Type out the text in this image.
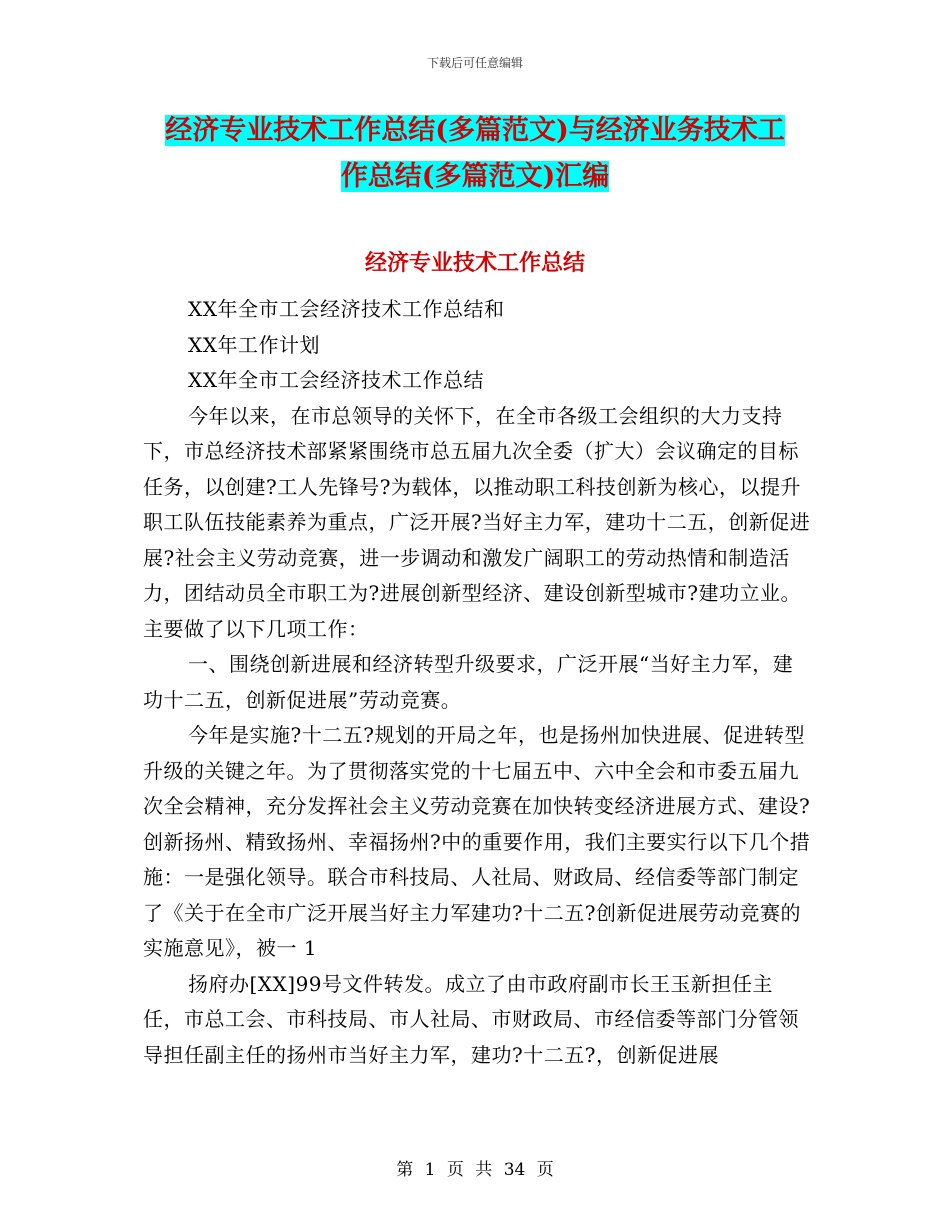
下载后可任意编辑
经济专业技术工作总结(多篇范文)与经济业务技术工
作总结(多篇范文)汇编
经济专业技术工作总结

XX年全市工会经济技术工作总结和

XX年工作计划

XX年全市工会经济技术工作总结

今年以来，在市总领导的关怀下，在全市各级工会组织的大力支持下，市总经济技术部紧紧围绕市总五届九次全委（扩大）会议确定的目标任务，以创建?工人先锋号?为载体，以推动职工科技创新为核心，以提升职工队伍技能素养为重点，广泛开展?当好主力军，建功十二五，创新促进展?社会主义劳动竞赛，进一步调动和激发广阔职工的劳动热情和制造活力，团结动员全市职工为?进展创新型经济、建设创新型城市?建功立业。主要做了以下几项工作：

一、围绕创新进展和经济转型升级要求，广泛开展“当好主力军，建功十二五，创新促进展”劳动竞赛。

今年是实施?十二五?规划的开局之年，也是扬州加快进展、促进转型升级的关键之年。为了贯彻落实党的十七届五中、六中全会和市委五届九次全会精神，充分发挥社会主义劳动竞赛在加快转变经济进展方式、建设?创新扬州、精致扬州、幸福扬州?中的重要作用，我们主要实行以下几个措施：一是强化领导。联合市科技局、人社局、财政局、经信委等部门制定了《关于在全市广泛开展当好主力军建功?十二五?创新促进展劳动竞赛的实施意见》，被一 1

扬府办[XX]99号文件转发。成立了由市政府副市长王玉新担任主任，市总工会、市科技局、市人社局、市财政局、市经信委等部门分管领导担任副主任的扬州市当好主力军，建功?十二五?，创新促进展

第 1 页 共 34 页
